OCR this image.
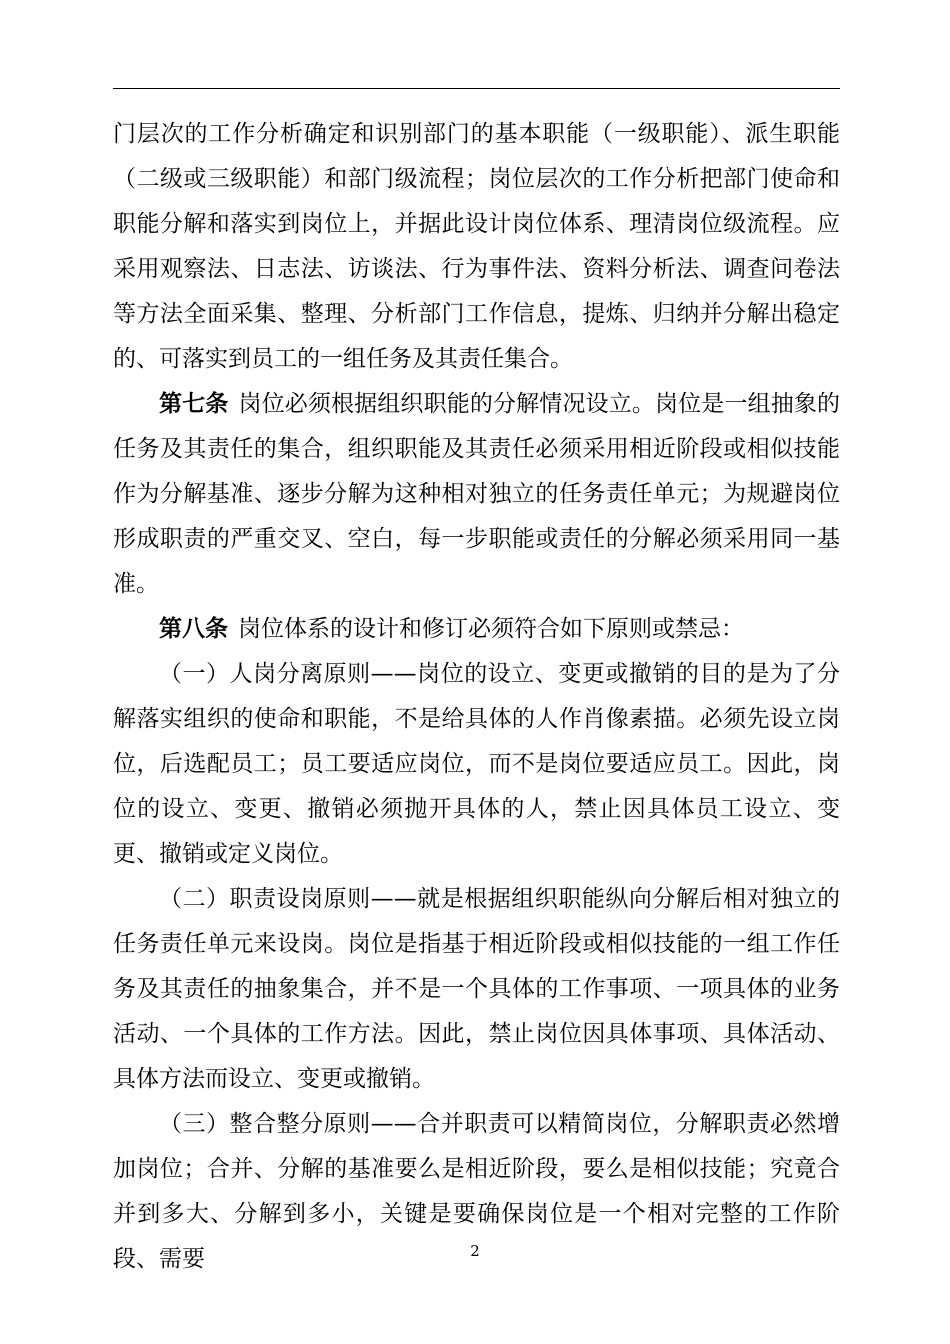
门层次的工作分析确定和识别部门的基本职能（一级职能）、派生职能（二级或三级职能）和部门级流程；岗位层次的工作分析把部门使命和职能分解和落实到岗位上，并据此设计岗位体系、理清岗位级流程。应采用观察法、日志法、访谈法、行为事件法、资料分析法、调查问卷法等方法全面采集、整理、分析部门工作信息，提炼、归纳并分解出稳定的、可落实到员工的一组任务及其责任集合。

第七条 岗位必须根据组织职能的分解情况设立。岗位是一组抽象的任务及其责任的集合，组织职能及其责任必须采用相近阶段或相似技能作为分解基准、逐步分解为这种相对独立的任务责任单元；为规避岗位形成职责的严重交叉、空白，每一步职能或责任的分解必须采用同一基准。

第八条 岗位体系的设计和修订必须符合如下原则或禁忌：

（一）人岗分离原则——岗位的设立、变更或撤销的目的是为了分解落实组织的使命和职能，不是给具体的人作肖像素描。必须先设立岗位，后选配员工；员工要适应岗位，而不是岗位要适应员工。因此，岗位的设立、变更、撤销必须抛开具体的人，禁止因具体员工设立、变更、撤销或定义岗位。

（二）职责设岗原则——就是根据组织职能纵向分解后相对独立的任务责任单元来设岗。岗位是指基于相近阶段或相似技能的一组工作任务及其责任的抽象集合，并不是一个具体的工作事项、一项具体的业务活动、一个具体的工作方法。因此，禁止岗位因具体事项、具体活动、具体方法而设立、变更或撤销。

（三）整合整分原则——合并职责可以精简岗位，分解职责必然增加岗位；合并、分解的基准要么是相近阶段，要么是相似技能；究竟合并到多大、分解到多小，关键是要确保岗位是一个相对完整的工作阶段、需要	2
